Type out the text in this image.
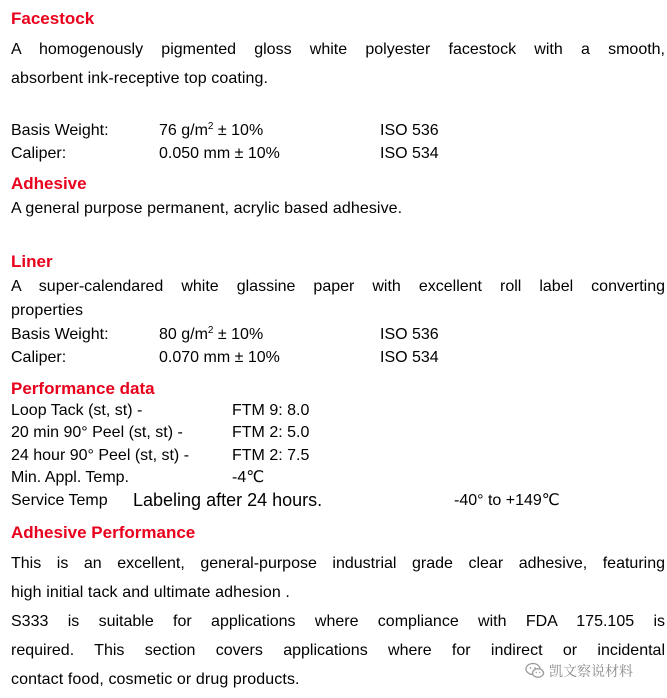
Facestock
A homogenously pigmented gloss white polyester facestock with a smooth,
absorbent ink-receptive top coating.
Basis Weight:	76 $g/m^2 \pm 10\%$	ISO 536
Caliper:	0.050 mm ± 10%	ISO 534
Adhesive
A general purpose permanent, acrylic based adhesive.
Liner
A super-calendared white glassine paper with excellent roll label converting
properties
Basis Weight:	80 $g/m^2 \pm 10\%$	ISO 536
Caliper:	0.070 mm ± 10%	ISO 534
Performance data
Loop Tack (st, st) -	FTM 9: 8.0
20 min 90° Peel (st, st) -	FTM 2: 5.0
24 hour 90° Peel (st, st) -	FTM 2: 7.5
Min. Appl. Temp.	-4℃
Service Temp Labeling after 24 hours.	-40° to +149℃
Adhesive Performance
This is an excellent, general-purpose industrial grade clear adhesive, featuring
high initial tack and ultimate adhesion .
S333 is suitable for applications where compliance with FDA 175.105 is
required. This section covers applications where for indirect or incidental
contact food, cosmetic or drug products.	凯文察说材料
